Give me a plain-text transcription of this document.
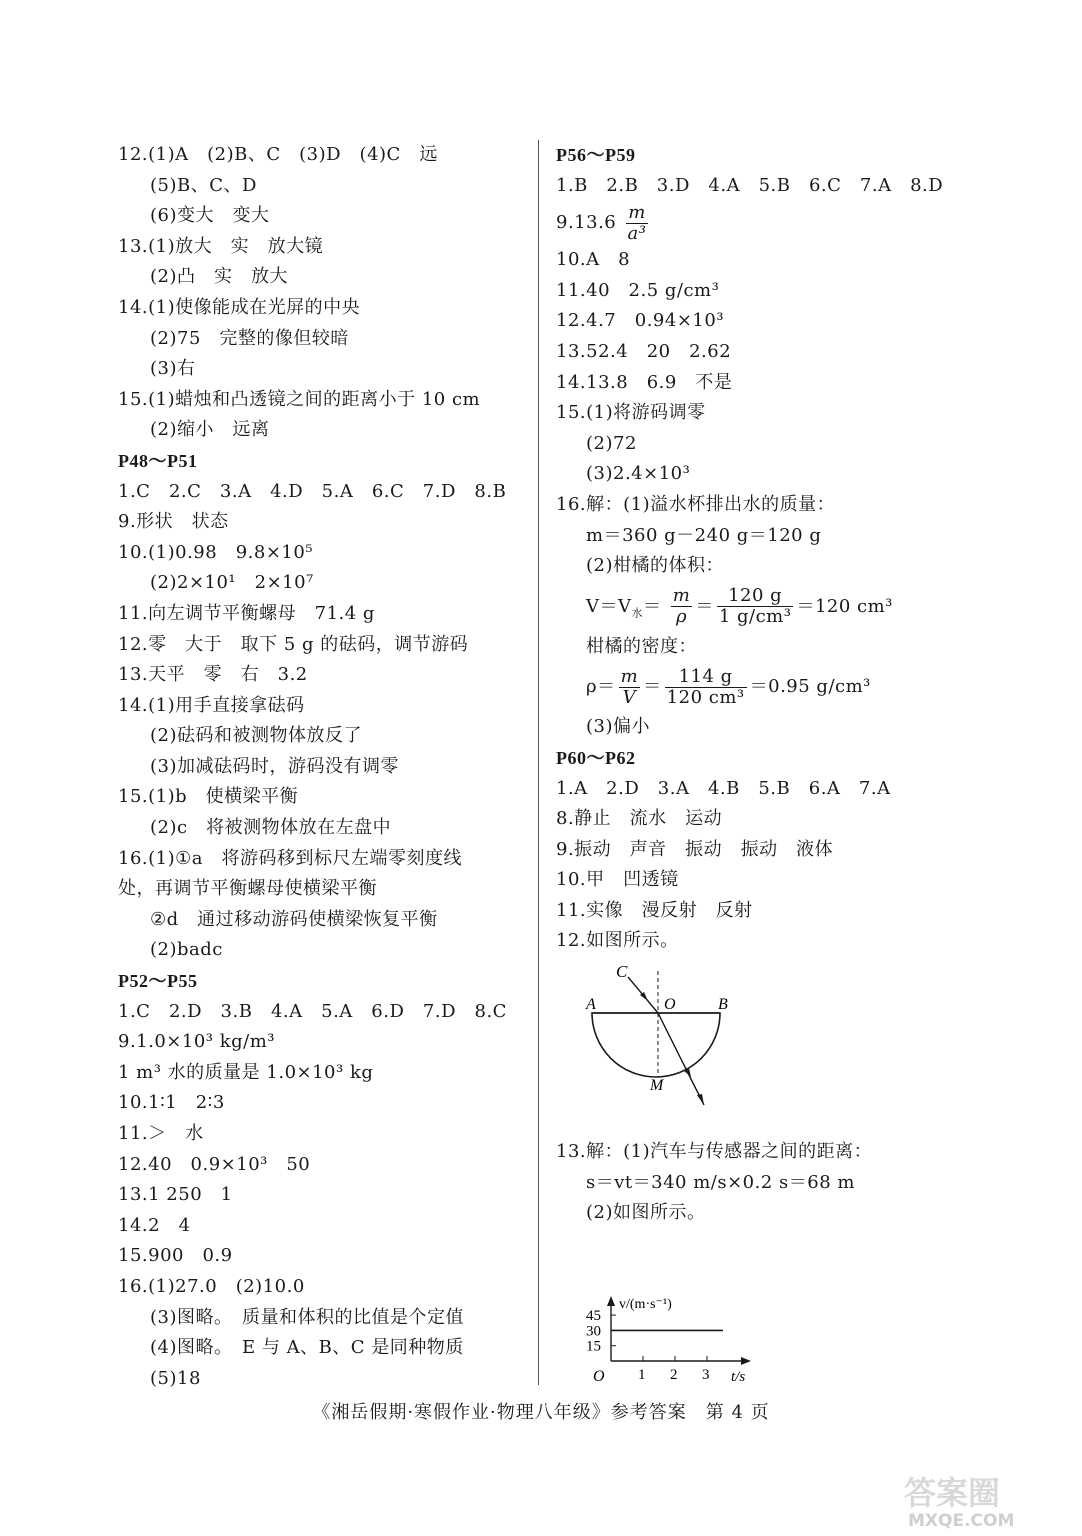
12.(1)A　(2)B、C　(3)D　(4)C　远
(5)B、C、D
(6)变大　变大
13.(1)放大　实　放大镜
(2)凸　实　放大
14.(1)使像能成在光屏的中央
(2)75　完整的像但较暗
(3)右
15.(1)蜡烛和凸透镜之间的距离小于 10 cm
(2)缩小　远离
P48～P51
1.C　2.C　3.A　4.D　5.A　6.C　7.D　8.B
9.形状　状态
10.(1)0.98　9.8×10⁵
(2)2×10¹　2×10⁷
11.向左调节平衡螺母　71.4 g
12.零　大于　取下 5 g 的砝码，调节游码
13.天平　零　右　3.2
14.(1)用手直接拿砝码
(2)砝码和被测物体放反了
(3)加减砝码时，游码没有调零
15.(1)b　使横梁平衡
(2)c　将被测物体放在左盘中
16.(1)①a　将游码移到标尺左端零刻度线
处，再调节平衡螺母使横梁平衡
②d　通过移动游码使横梁恢复平衡
(2)badc
P52～P55
1.C　2.D　3.B　4.A　5.A　6.D　7.D　8.C
9.1.0×10³ kg/m³
1 m³ 水的质量是 1.0×10³ kg
10.1∶1　2∶3
11.＞　水
12.40　0.9×10³　50
13.1 250　1
14.2　4
15.900　0.9
16.(1)27.0　(2)10.0
(3)图略。　质量和体积的比值是个定值
(4)图略。　E 与 A、B、C 是同种物质
(5)18
P56～P59
1.B　2.B　3.D　4.A　5.B　6.C　7.A　8.D
$9.13.6 \frac{m}{\text{a³}}$
10.A　8
11.40　2.5 g/cm³
12.4.7　0.94×10³
13.52.4　20　2.62
14.13.8　6.9　不是
15.(1)将游码调零
(2)72
(3)2.4×10³
16.解：(1)溢水杯排出水的质量：
m＝360 g－240 g＝120 g
(2)柑橘的体积：
$V=V_水= \frac{m}{\rho} = \frac{120 g}{\text{1 g/cm³}} =120$ cm³
柑橘的密度：
$\rho= \frac{m}{V} = \frac{114 g}{\text{120 cm³}} =0.95$ g/cm³
(3)偏小
P60～P62
1.A　2.D　3.A　4.B　5.B　6.A　7.A
8.静止　流水　运动
9.振动　声音　振动　振动　液体
10.甲　凹透镜
11.实像　漫反射　反射
12.如图所示。
C
A	O	B
M
13.解：(1)汽车与传感器之间的距离：
s＝vt＝340 m/s×0.2 s＝68 m
(2)如图所示。
1 2 3
15
30
45
O
v/(m·s⁻¹)
t/s
《湘岳假期·寒假作业·物理八年级》参考答案　第 4 页
答案圈
MXQE.COM
